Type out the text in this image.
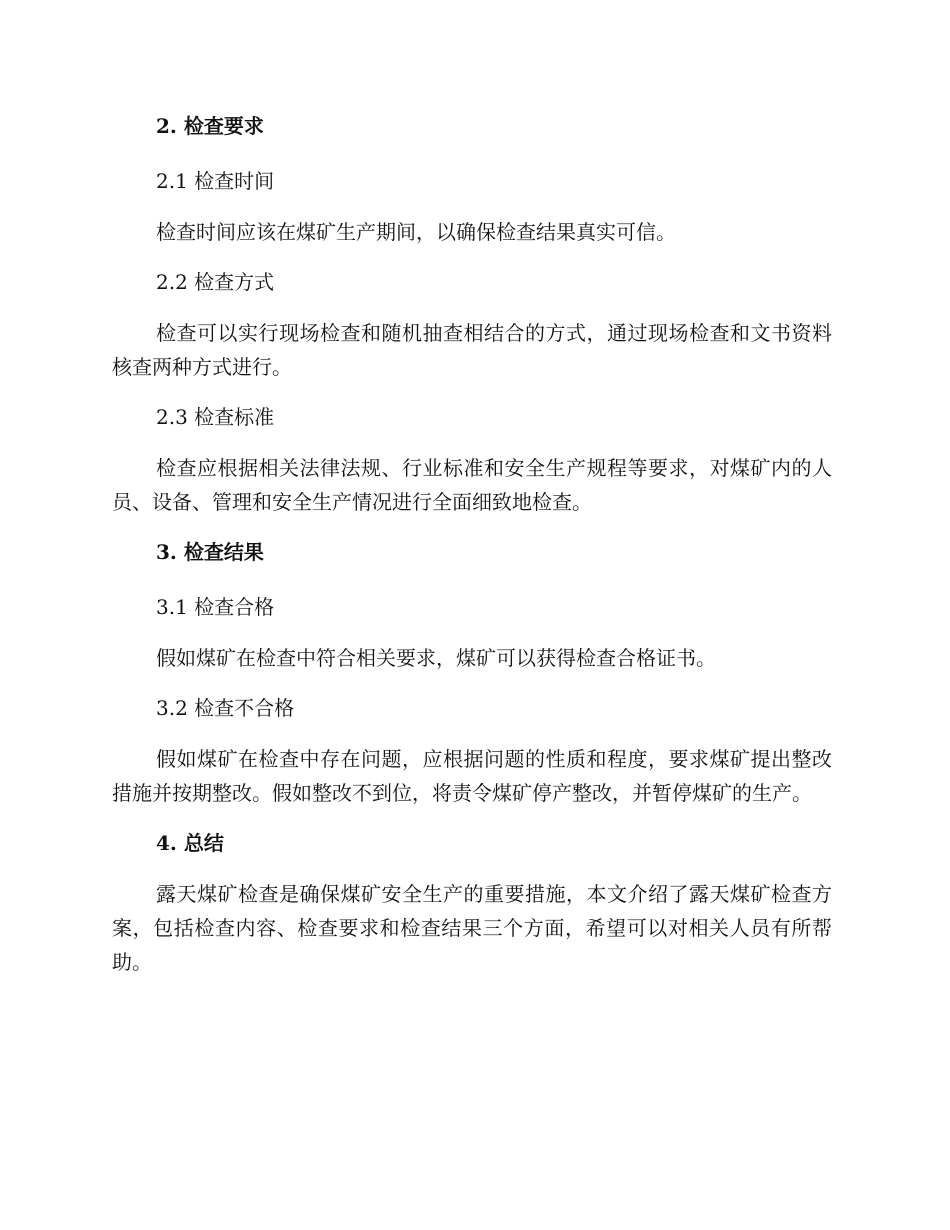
2. 检查要求

2.1 检查时间

检查时间应该在煤矿生产期间，以确保检查结果真实可信。

2.2 检查方式

检查可以实行现场检查和随机抽查相结合的方式，通过现场检查和文书资料核查两种方式进行。

2.3 检查标准

检查应根据相关法律法规、行业标准和安全生产规程等要求，对煤矿内的人员、设备、管理和安全生产情况进行全面细致地检查。

3. 检查结果

3.1 检查合格

假如煤矿在检查中符合相关要求，煤矿可以获得检查合格证书。

3.2 检查不合格

假如煤矿在检查中存在问题，应根据问题的性质和程度，要求煤矿提出整改措施并按期整改。假如整改不到位，将责令煤矿停产整改，并暂停煤矿的生产。

4. 总结

露天煤矿检查是确保煤矿安全生产的重要措施，本文介绍了露天煤矿检查方案，包括检查内容、检查要求和检查结果三个方面，希望可以对相关人员有所帮助。
